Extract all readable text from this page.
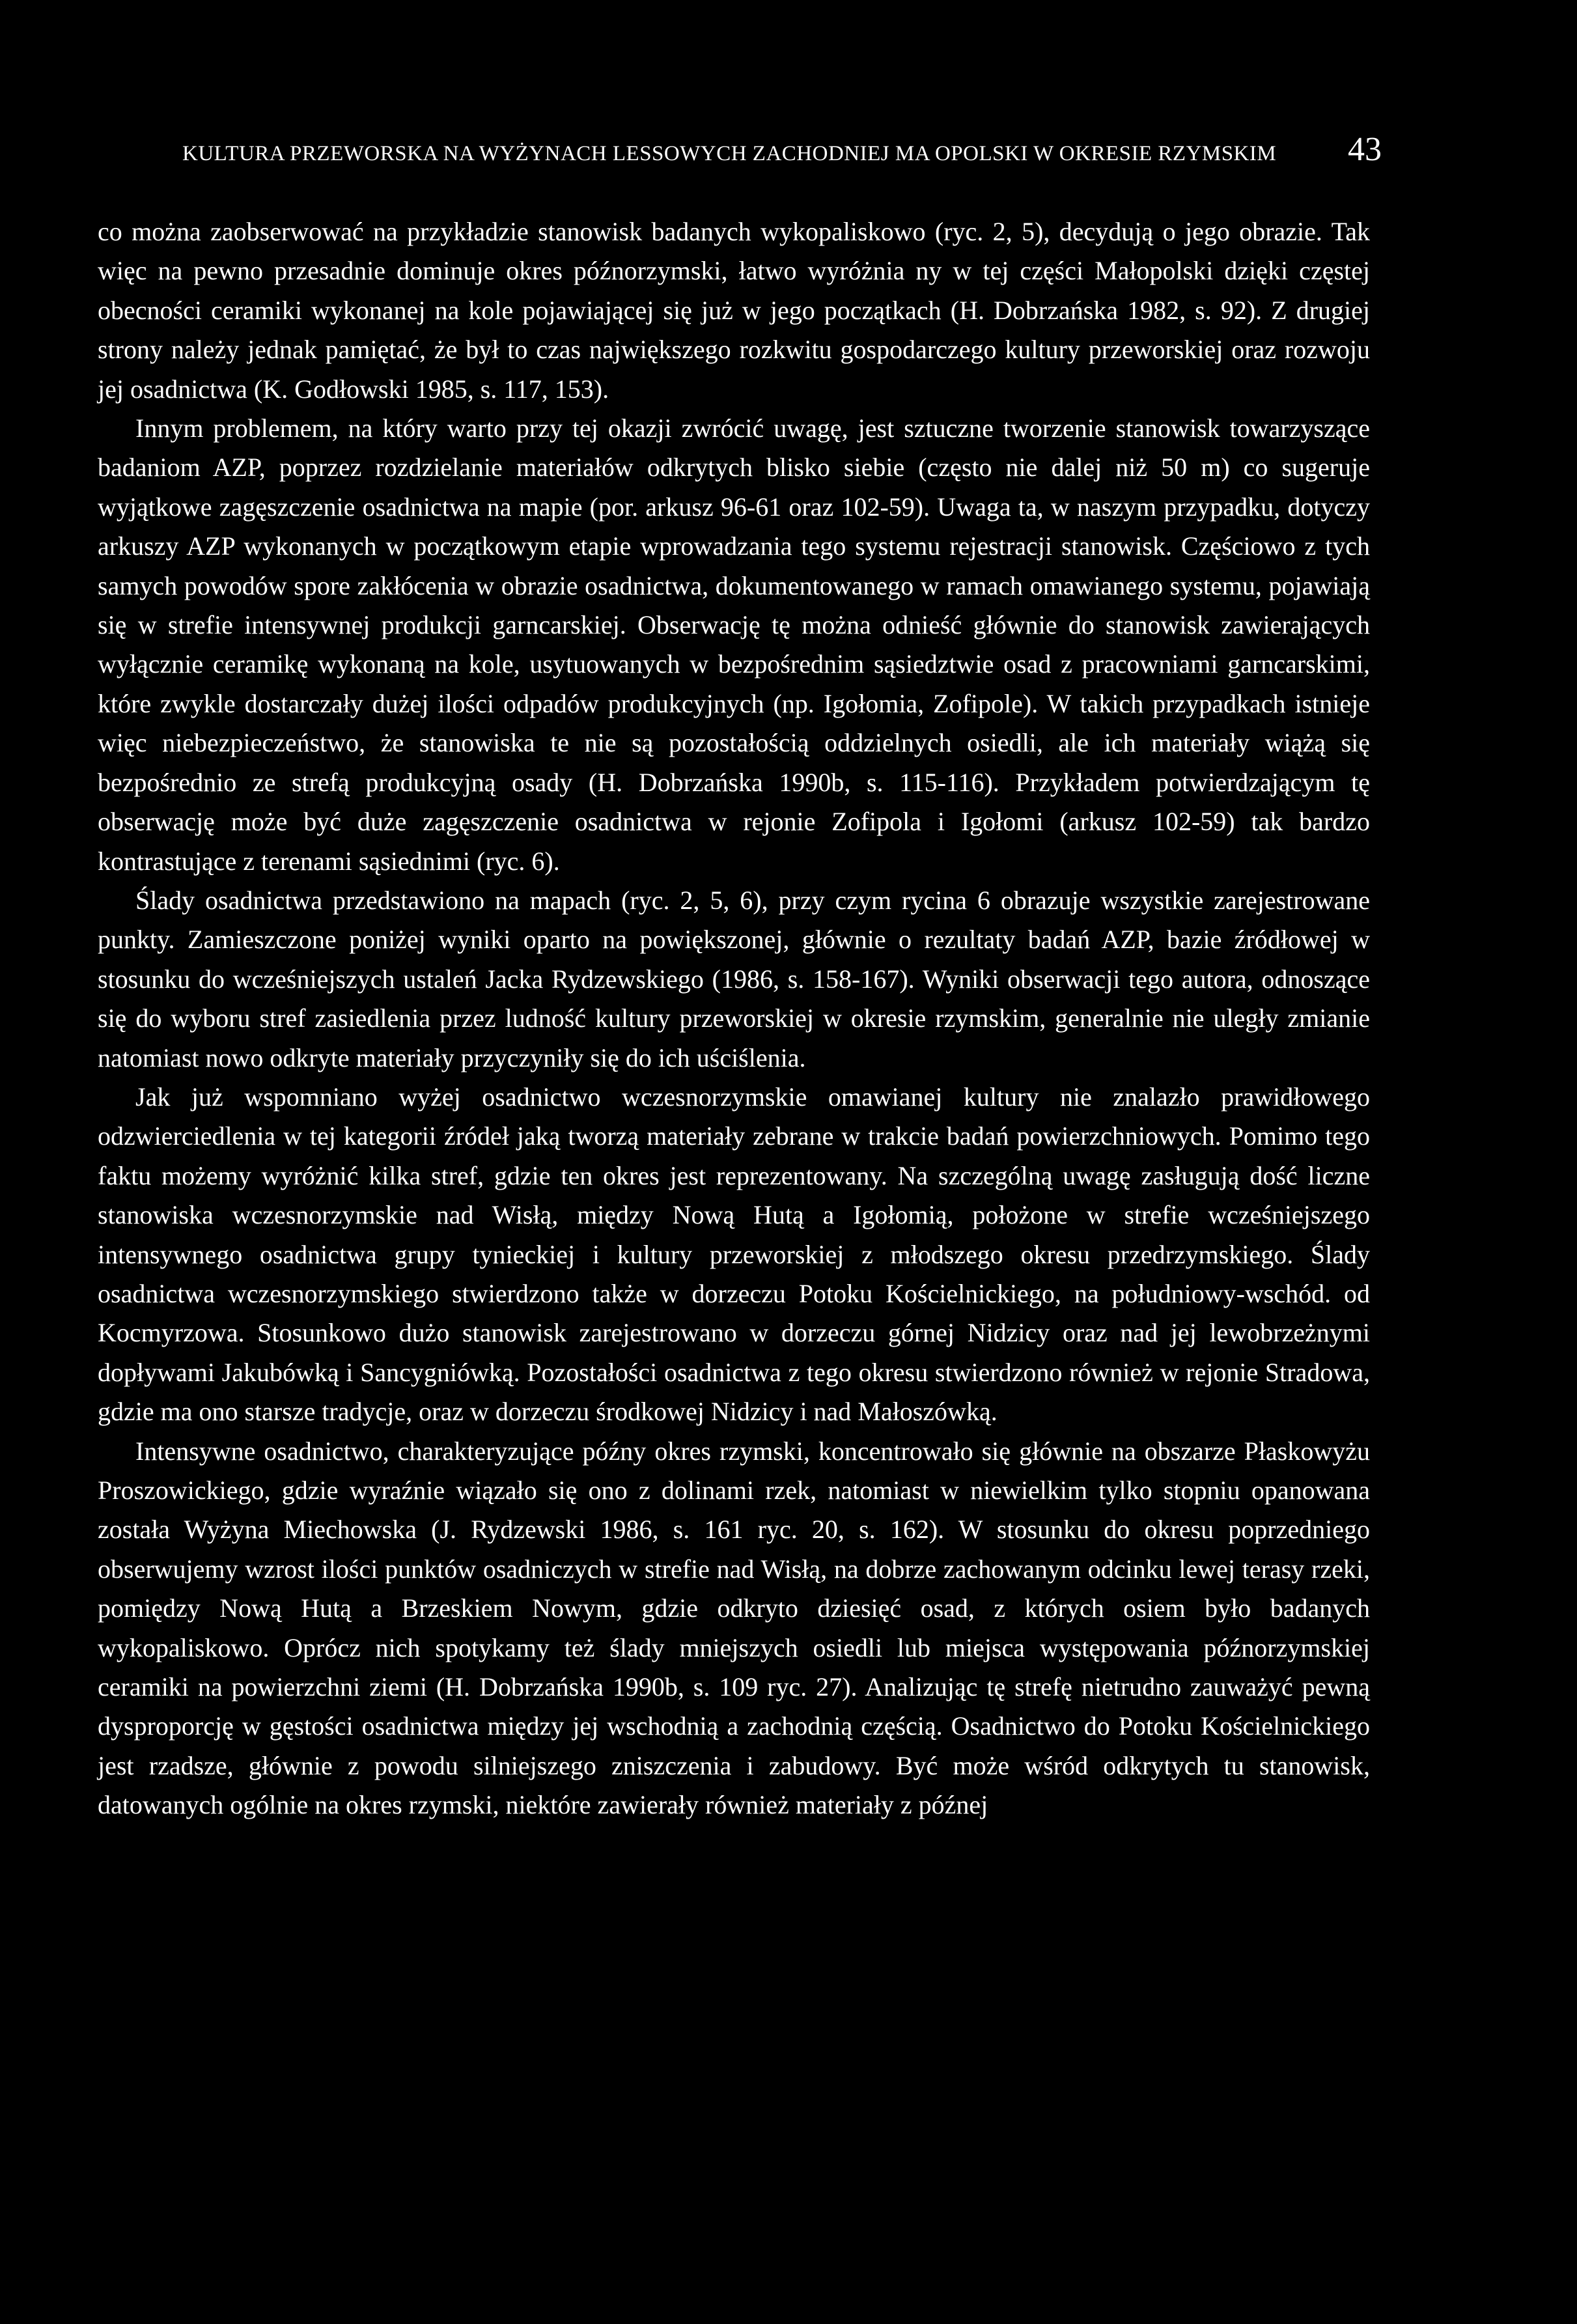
KULTURA PRZEWORSKA NA WYŻYNACH LESSOWYCH ZACHODNIEJ MA OPOLSKI W OKRESIE RZYMSKIM 43

co można zaobserwować na przykładzie stanowisk badanych wykopaliskowo (ryc. 2, 5), decydują o jego obrazie. Tak więc na pewno przesadnie dominuje okres późnorzymski, łatwo wyróżnia ny w tej części Małopolski dzięki częstej obecności ceramiki wykonanej na kole pojawiającej się już w jego początkach (H. Dobrzańska 1982, s. 92). Z drugiej strony należy jednak pamiętać, że był to czas największego rozkwitu gospodarczego kultury przeworskiej oraz rozwoju jej osadnictwa (K. Godłowski 1985, s. 117, 153).

Innym problemem, na który warto przy tej okazji zwrócić uwagę, jest sztuczne tworzenie stanowisk towarzyszące badaniom AZP, poprzez rozdzielanie materiałów odkrytych blisko siebie (często nie dalej niż 50 m) co sugeruje wyjątkowe zagęszczenie osadnictwa na mapie (por. arkusz 96-61 oraz 102-59). Uwaga ta, w naszym przypadku, dotyczy arkuszy AZP wykonanych w początkowym etapie wprowadzania tego systemu rejestracji stanowisk. Częściowo z tych samych powodów spore zakłócenia w obrazie osadnictwa, dokumentowanego w ramach omawianego systemu, pojawiają się w strefie intensywnej produkcji garncarskiej. Obserwację tę można odnieść głównie do stanowisk zawierających wyłącznie ceramikę wykonaną na kole, usytuowanych w bezpośrednim sąsiedztwie osad z pracowniami garncarskimi, które zwykle dostarczały dużej ilości odpadów produkcyjnych (np. Igołomia, Zofipole). W takich przypadkach istnieje więc niebezpieczeństwo, że stanowiska te nie są pozostałością oddzielnych osiedli, ale ich materiały wiążą się bezpośrednio ze strefą produkcyjną osady (H. Dobrzańska 1990b, s. 115-116). Przykładem potwierdzającym tę obserwację może być duże zagęszczenie osadnictwa w rejonie Zofipola i Igołomi (arkusz 102-59) tak bardzo kontrastujące z terenami sąsiednimi (ryc. 6).

Ślady osadnictwa przedstawiono na mapach (ryc. 2, 5, 6), przy czym rycina 6 obrazuje wszystkie zarejestrowane punkty. Zamieszczone poniżej wyniki oparto na powiększonej, głównie o rezultaty badań AZP, bazie źródłowej w stosunku do wcześniejszych ustaleń Jacka Rydzewskiego (1986, s. 158-167). Wyniki obserwacji tego autora, odnoszące się do wyboru stref zasiedlenia przez ludność kultury przeworskiej w okresie rzymskim, generalnie nie uległy zmianie natomiast nowo odkryte materiały przyczyniły się do ich uściślenia.

Jak już wspomniano wyżej osadnictwo wczesnorzymskie omawianej kultury nie znalazło prawidłowego odzwierciedlenia w tej kategorii źródeł jaką tworzą materiały zebrane w trakcie badań powierzchniowych. Pomimo tego faktu możemy wyróżnić kilka stref, gdzie ten okres jest reprezentowany. Na szczególną uwagę zasługują dość liczne stanowiska wczesnorzymskie nad Wisłą, między Nową Hutą a Igołomią, położone w strefie wcześniejszego intensywnego osadnictwa grupy tynieckiej i kultury przeworskiej z młodszego okresu przedrzymskiego. Ślady osadnictwa wczesnorzymskiego stwierdzono także w dorzeczu Potoku Kościelnickiego, na południowy-wschód. od Kocmyrzowa. Stosunkowo dużo stanowisk zarejestrowano w dorzeczu górnej Nidzicy oraz nad jej lewobrzeżnymi dopływami Jakubówką i Sancygniówką. Pozostałości osadnictwa z tego okresu stwierdzono również w rejonie Stradowa, gdzie ma ono starsze tradycje, oraz w dorzeczu środkowej Nidzicy i nad Małoszówką.

Intensywne osadnictwo, charakteryzujące późny okres rzymski, koncentrowało się głównie na obszarze Płaskowyżu Proszowickiego, gdzie wyraźnie wiązało się ono z dolinami rzek, natomiast w niewielkim tylko stopniu opanowana została Wyżyna Miechowska (J. Rydzewski 1986, s. 161 ryc. 20, s. 162). W stosunku do okresu poprzedniego obserwujemy wzrost ilości punktów osadniczych w strefie nad Wisłą, na dobrze zachowanym odcinku lewej terasy rzeki, pomiędzy Nową Hutą a Brzeskiem Nowym, gdzie odkryto dziesięć osad, z których osiem było badanych wykopaliskowo. Oprócz nich spotykamy też ślady mniejszych osiedli lub miejsca występowania późnorzymskiej ceramiki na powierzchni ziemi (H. Dobrzańska 1990b, s. 109 ryc. 27). Analizując tę strefę nietrudno zauważyć pewną dysproporcję w gęstości osadnictwa między jej wschodnią a zachodnią częścią. Osadnictwo do Potoku Kościelnickiego jest rzadsze, głównie z powodu silniejszego zniszczenia i zabudowy. Być może wśród odkrytych tu stanowisk, datowanych ogólnie na okres rzymski, niektóre zawierały również materiały z późnej
